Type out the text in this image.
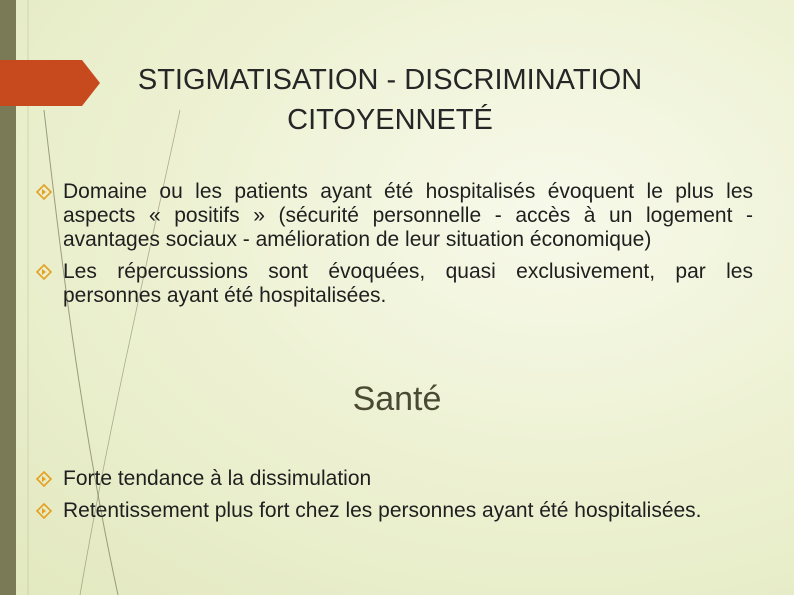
STIGMATISATION - DISCRIMINATION
CITOYENNETÉ
Domaine ou les patients ayant été hospitalisés évoquent le plus les aspects « positifs » (sécurité personnelle - accès à un logement - avantages sociaux - amélioration de leur situation économique)
Les répercussions sont évoquées, quasi exclusivement, par les personnes ayant été hospitalisées.
Santé
Forte tendance à la dissimulation
Retentissement plus fort chez les personnes ayant été hospitalisées.
